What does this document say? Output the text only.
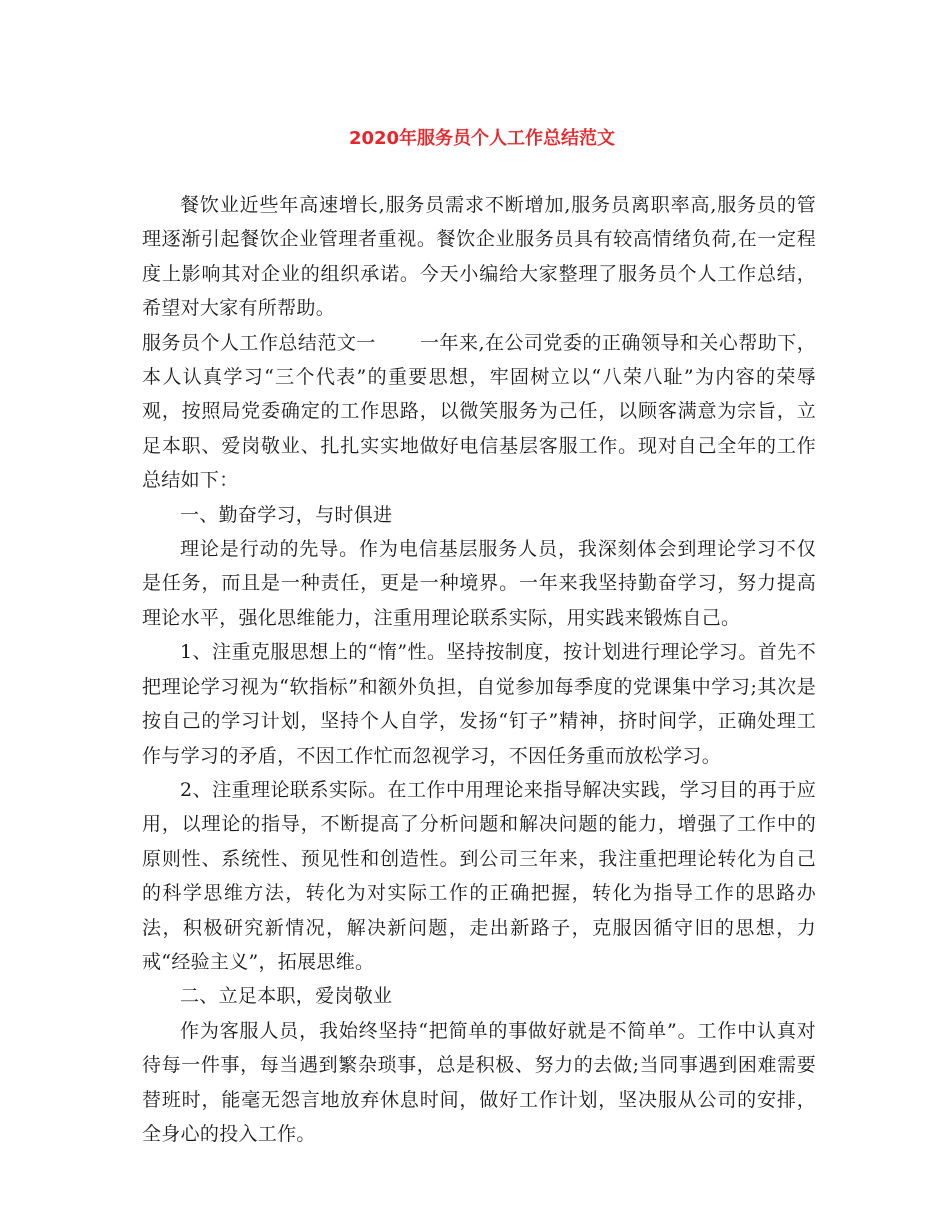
2020年服务员个人工作总结范文

餐饮业近些年高速增长,服务员需求不断增加,服务员离职率高,服务员的管理逐渐引起餐饮企业管理者重视。餐饮企业服务员具有较高情绪负荷,在一定程度上影响其对企业的组织承诺。今天小编给大家整理了服务员个人工作总结，希望对大家有所帮助。

服务员个人工作总结范文一 一年来,在公司党委的正确领导和关心帮助下，本人认真学习“三个代表”的重要思想，牢固树立以“八荣八耻”为内容的荣辱观，按照局党委确定的工作思路，以微笑服务为己任，以顾客满意为宗旨，立足本职、爱岗敬业、扎扎实实地做好电信基层客服工作。现对自己全年的工作总结如下：

一、勤奋学习，与时俱进

理论是行动的先导。作为电信基层服务人员，我深刻体会到理论学习不仅是任务，而且是一种责任，更是一种境界。一年来我坚持勤奋学习，努力提高理论水平，强化思维能力，注重用理论联系实际，用实践来锻炼自己。

1、注重克服思想上的“惰”性。坚持按制度，按计划进行理论学习。首先不把理论学习视为“软指标”和额外负担，自觉参加每季度的党课集中学习;其次是按自己的学习计划，坚持个人自学，发扬“钉子”精神，挤时间学，正确处理工作与学习的矛盾，不因工作忙而忽视学习，不因任务重而放松学习。

2、注重理论联系实际。在工作中用理论来指导解决实践，学习目的再于应用，以理论的指导，不断提高了分析问题和解决问题的能力，增强了工作中的原则性、系统性、预见性和创造性。到公司三年来，我注重把理论转化为自己的科学思维方法，转化为对实际工作的正确把握，转化为指导工作的思路办法，积极研究新情况，解决新问题，走出新路子，克服因循守旧的思想，力戒“经验主义”，拓展思维。

二、立足本职，爱岗敬业

作为客服人员，我始终坚持“把简单的事做好就是不简单”。工作中认真对待每一件事，每当遇到繁杂琐事，总是积极、努力的去做;当同事遇到困难需要替班时，能毫无怨言地放弃休息时间，做好工作计划，坚决服从公司的安排，全身心的投入工作。
